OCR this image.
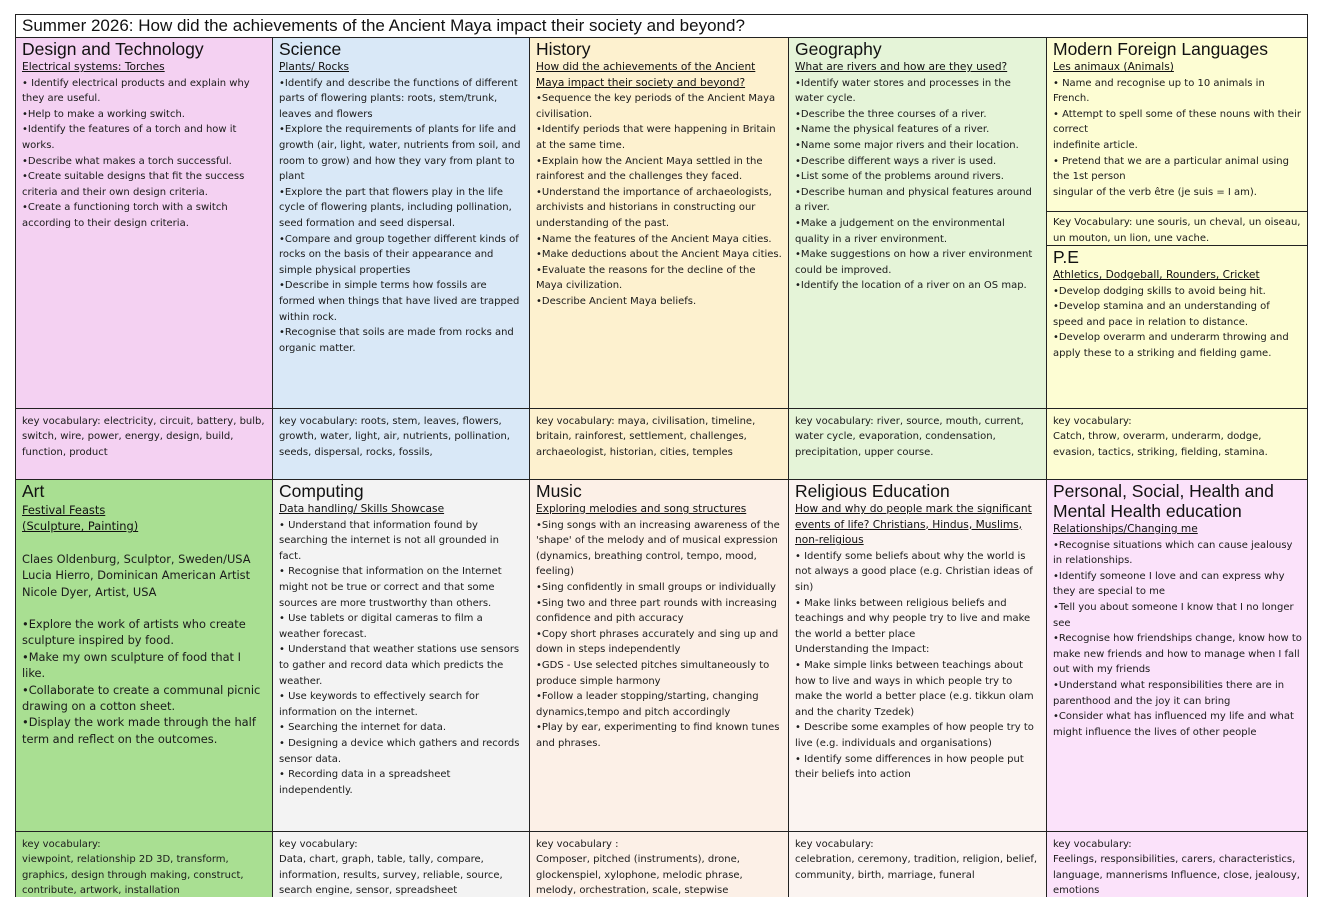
Summer 2026: How did the achievements of the Ancient Maya impact their society and beyond?
Design and Technology
Electrical systems: Torches

• Identify electrical products and explain why they are useful.

•Help to make a working switch.

•Identify the features of a torch and how it works.

•Describe what makes a torch successful.

•Create suitable designs that fit the success criteria and their own design criteria.

•Create a functioning torch with a switch according to their design criteria.

Science
Plants/ Rocks

•Identify and describe the functions of different parts of flowering plants: roots, stem/trunk, leaves and flowers

•Explore the requirements of plants for life and growth (air, light, water, nutrients from soil, and room to grow) and how they vary from plant to plant

•Explore the part that flowers play in the life cycle of flowering plants, including pollination, seed formation and seed dispersal.

•Compare and group together different kinds of rocks on the basis of their appearance and simple physical properties

•Describe in simple terms how fossils are formed when things that have lived are trapped within rock.

•Recognise that soils are made from rocks and organic matter.

History
How did the achievements of the Ancient Maya impact their society and beyond?

•Sequence the key periods of the Ancient Maya civilisation.

•Identify periods that were happening in Britain at the same time.

•Explain how the Ancient Maya settled in the rainforest and the challenges they faced.

•Understand the importance of archaeologists, archivists and historians in constructing our understanding of the past.

•Name the features of the Ancient Maya cities.

•Make deductions about the Ancient Maya cities.

•Evaluate the reasons for the decline of the Maya civilization.

•Describe Ancient Maya beliefs.

Geography
What are rivers and how are they used?

•Identify water stores and processes in the water cycle.

•Describe the three courses of a river.

•Name the physical features of a river.

•Name some major rivers and their location.

•Describe different ways a river is used.

•List some of the problems around rivers.

•Describe human and physical features around a river.

•Make a judgement on the environmental quality in a river environment.

•Make suggestions on how a river environment could be improved.

•Identify the location of a river on an OS map.

Modern Foreign Languages
Les animaux (Animals)

• Name and recognise up to 10 animals in French.

• Attempt to spell some of these nouns with their correct

indefinite article.

• Pretend that we are a particular animal using the 1st person

singular of the verb être (je suis = I am).

Key Vocabulary: une souris, un cheval, un oiseau, un mouton, un lion, une vache.
P.E
Athletics, Dodgeball, Rounders, Cricket

•Develop dodging skills to avoid being hit.

•Develop stamina and an understanding of speed and pace in relation to distance.

•Develop overarm and underarm throwing and apply these to a striking and fielding game.

key vocabulary: electricity, circuit, battery, bulb, switch, wire, power, energy, design, build, function, product
key vocabulary: roots, stem, leaves, flowers, growth, water, light, air, nutrients, pollination, seeds, dispersal, rocks, fossils,
key vocabulary: maya, civilisation, timeline, britain, rainforest, settlement, challenges, archaeologist, historian, cities, temples
key vocabulary: river, source, mouth, current, water cycle, evaporation, condensation, precipitation, upper course.
key vocabulary:
Catch, throw, overarm, underarm, dodge, evasion, tactics, striking, fielding, stamina.
Art
Festival Feasts
(Sculpture, Painting)

Claes Oldenburg, Sculptor, Sweden/USA

Lucia Hierro, Dominican American Artist

Nicole Dyer, Artist, USA

•Explore the work of artists who create sculpture inspired by food.

•Make my own sculpture of food that I like.

•Collaborate to create a communal picnic drawing on a cotton sheet.

•Display the work made through the half term and reflect on the outcomes.

Computing
Data handling/ Skills Showcase

• Understand that information found by searching the internet is not all grounded in fact.

• Recognise that information on the Internet might not be true or correct and that some sources are more trustworthy than others.

• Use tablets or digital cameras to film a weather forecast.

• Understand that weather stations use sensors to gather and record data which predicts the weather.

• Use keywords to effectively search for information on the internet.

• Searching the internet for data.

• Designing a device which gathers and records sensor data.

• Recording data in a spreadsheet independently.

Music
Exploring melodies and song structures

•Sing songs with an increasing awareness of the 'shape' of the melody and of musical expression (dynamics, breathing control, tempo, mood, feeling)

•Sing confidently in small groups or individually

•Sing two and three part rounds with increasing confidence and pith accuracy

•Copy short phrases accurately and sing up and down in steps independently

•GDS - Use selected pitches simultaneously to produce simple harmony

•Follow a leader stopping/starting, changing dynamics,tempo and pitch accordingly

•Play by ear, experimenting to find known tunes and phrases.

Religious Education
How and why do people mark the significant events of life? Christians, Hindus, Muslims, non-religious

• Identify some beliefs about why the world is not always a good place (e.g. Christian ideas of sin)

• Make links between religious beliefs and teachings and why people try to live and make the world a better place

Understanding the Impact:

• Make simple links between teachings about how to live and ways in which people try to make the world a better place (e.g. tikkun olam and the charity Tzedek)

• Describe some examples of how people try to live (e.g. individuals and organisations)

• Identify some differences in how people put their beliefs into action

Personal, Social, Health and Mental Health education
Relationships/Changing me

•Recognise situations which can cause jealousy in relationships.

•Identify someone I love and can express why they are special to me

•Tell you about someone I know that I no longer see

•Recognise how friendships change, know how to make new friends and how to manage when I fall out with my friends

•Understand what responsibilities there are in parenthood and the joy it can bring

•Consider what has influenced my life and what might influence the lives of other people

key vocabulary:
viewpoint, relationship 2D 3D, transform, graphics, design through making, construct, contribute, artwork, installation
key vocabulary:
Data, chart, graph, table, tally, compare, information, results, survey, reliable, source, search engine, sensor, spreadsheet
key vocabulary :
Composer, pitched (instruments), drone, glockenspiel, xylophone, melodic phrase, melody, orchestration, scale, stepwise
key vocabulary:
celebration, ceremony, tradition, religion, belief, community, birth, marriage, funeral
key vocabulary:
Feelings, responsibilities, carers, characteristics, language, mannerisms Influence, close, jealousy, emotions
